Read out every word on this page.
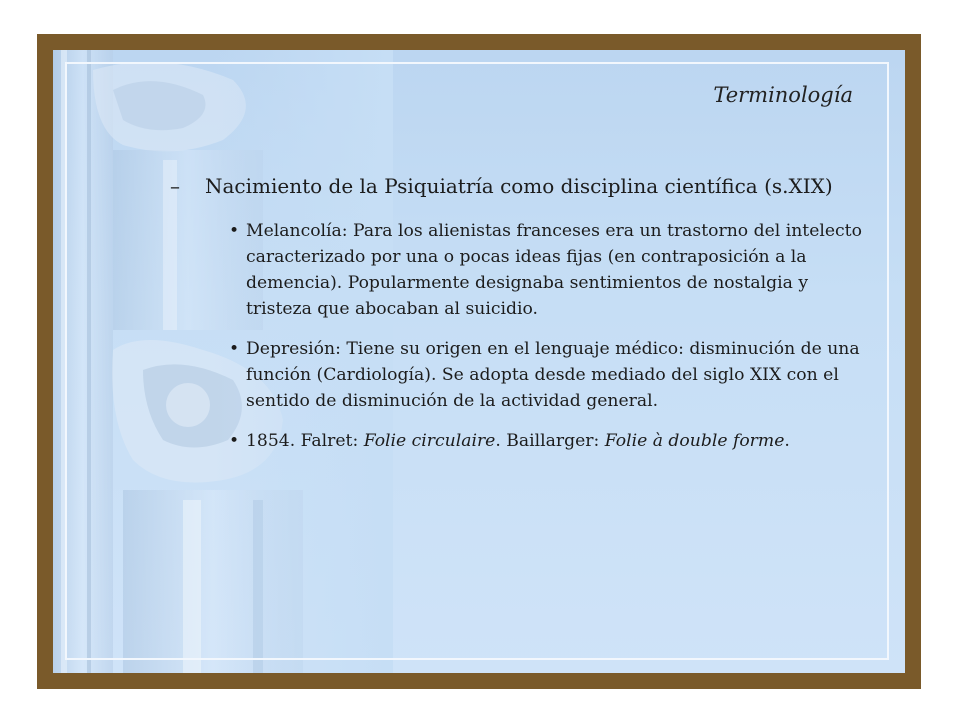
Terminología

– Nacimiento de la Psiquiatría como disciplina científica (s.XIX)

• Melancolía: Para los alienistas franceses era un trastorno del intelecto caracterizado por una o pocas ideas fijas (en contraposición a la demencia). Popularmente designaba sentimientos de nostalgia y tristeza que abocaban al suicidio.
• Depresión: Tiene su origen en el lenguaje médico: disminución de una función (Cardiología). Se adopta desde mediado del siglo XIX con el sentido de disminución de la actividad general.
• 1854. Falret: Folie circulaire. Baillarger: Folie à double forme.
